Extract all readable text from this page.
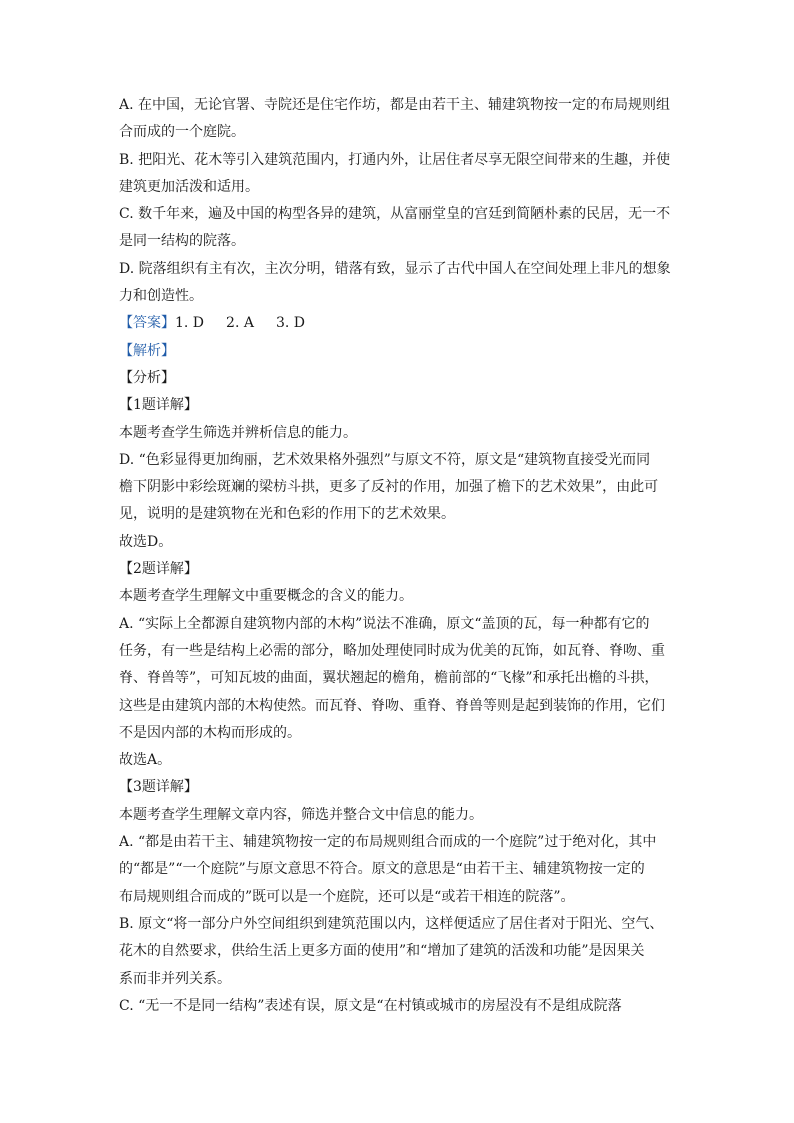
A. 在中国，无论官署、寺院还是住宅作坊，都是由若干主、辅建筑物按一定的布局规则组
合而成的一个庭院。
B. 把阳光、花木等引入建筑范围内，打通内外，让居住者尽享无限空间带来的生趣，并使
建筑更加活泼和适用。
C. 数千年来，遍及中国的构型各异的建筑，从富丽堂皇的宫廷到简陋朴素的民居，无一不
是同一结构的院落。
D. 院落组织有主有次，主次分明，错落有致，显示了古代中国人在空间处理上非凡的想象
力和创造性。
【答案】1. D 2. A 3. D
【解析】
【分析】
【1题详解】
本题考查学生筛选并辨析信息的能力。
D. “色彩显得更加绚丽，艺术效果格外强烈”与原文不符，原文是“建筑物直接受光而同
檐下阴影中彩绘斑斓的梁枋斗拱，更多了反衬的作用，加强了檐下的艺术效果”，由此可
见，说明的是建筑物在光和色彩的作用下的艺术效果。
故选D。
【2题详解】
本题考查学生理解文中重要概念的含义的能力。
A. “实际上全都源自建筑物内部的木构”说法不准确，原文“盖顶的瓦，每一种都有它的
任务，有一些是结构上必需的部分，略加处理使同时成为优美的瓦饰，如瓦脊、脊吻、重
脊、脊兽等”，可知瓦坡的曲面，翼状翘起的檐角，檐前部的“飞椽”和承托出檐的斗拱，
这些是由建筑内部的木构使然。而瓦脊、脊吻、重脊、脊兽等则是起到装饰的作用，它们
不是因内部的木构而形成的。
故选A。
【3题详解】
本题考查学生理解文章内容，筛选并整合文中信息的能力。
A. “都是由若干主、辅建筑物按一定的布局规则组合而成的一个庭院”过于绝对化，其中
的“都是”“一个庭院”与原文意思不符合。原文的意思是“由若干主、辅建筑物按一定的
布局规则组合而成的”既可以是一个庭院，还可以是“或若干相连的院落”。
B. 原文“将一部分户外空间组织到建筑范围以内，这样便适应了居住者对于阳光、空气、
花木的自然要求，供给生活上更多方面的使用”和“增加了建筑的活泼和功能”是因果关
系而非并列关系。
C. “无一不是同一结构”表述有误，原文是“在村镇或城市的房屋没有不是组成院落
